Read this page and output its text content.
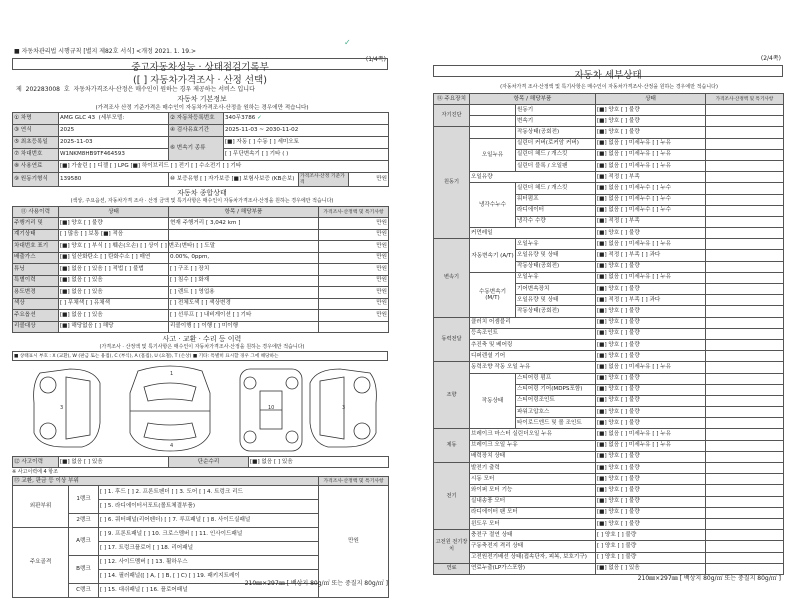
■ 자동차관리법 시행규칙 [별지 제82호 서식] <개정 2021. 1. 19.>
(1/4쪽)
✓
중고자동차성능 · 상태점검기록부
([ ] 자동차가격조사 · 산정 선택)
제 202283008 호 자동차가격조사·산정은 매수인이 원하는 경우 제공하는 서비스 입니다
자동차 기본정보
(가격조사 산정 기준가격은 매수인이 자동차가격조사·산정을 원하는 경우에만 적습니다)
① 차명	AMG GLC 43 (세부모델:	② 자동차등록번호	340무3786 ✓		
③ 연식	2025	④ 검사유효기간	2025-11-03 ~ 2030-11-02		
⑤ 최초등록일	2025-11-03	⑥ 변속기 종류	[■] 자동 [ ] 수동 [ ] 세미오토		
⑦ 차대번호	W1NKM8HB9TF464593		[ ] 무단변속기 [ ] 기타 ( )		
⑧ 사용연료	[■] 가솔린 [ ] 디젤 [ ] LPG [■] 하이브리드 [ ] 전기 [ ] 수소전기 [ ] 기타				
⑨ 원동기형식	139580	⑩ 보증유형 [ ] 자가보증 [■] 보험사보증 (KB손보)		가격조사·산정 기준가격	만원
자동차 종합상태
(색상, 주요옵션, 자동차가격 조사 · 산정 금액 및 특기사항은 매수인이 자동차가격조사·산정을 원하는 경우에만 적습니다)
⑪ 사용이력	상태	항목 / 해당부품	가격조사·산정액 및 특기사항
주행거리 및	[■] 양호 [ ] 불량	현재 주행거리 [ 3,042 km ]	만원
계기상태	[ ] 많음 [ ] 보통 [■] 적음		만원
차대번호 표기	[■] 양호 [ ] 부식 [ ] 훼손(오손) [ ] 상이 [ ] 변조(변타) [ ] 도말		만원
배출가스	[■] 일산화탄소 [ ] 탄화수소 [ ] 매연	0.00%, 0ppm,	만원
튜닝	[■] 없음 [ ] 있음 [ ] 적법 [ ] 불법	[ ] 구조 [ ] 장치	만원
특별이력	[■] 없음 [ ] 있음	[ ] 침수 [ ] 화재	만원
용도변경	[■] 없음 [ ] 있음	[ ] 렌트 [ ] 영업용	만원
색상	[ ] 무채색 [ ] 유채색	[ ] 전체도색 [ ] 색상변경	만원
주요옵션	[■] 없음 [ ] 있음	[ ] 선루프 [ ] 내비게이션 [ ] 기타	만원
리콜대상	[■] 해당없음 [ ] 해당	리콜이행 [ ] 이행 [ ] 미이행	
사고 · 교환 · 수리 등 이력
(가격조사 · 산정액 및 특기사항은 매수인이 자동차가격조사·산정을 원하는 경우에만 적습니다)
■ 상태표시 부호 : X (교환), W (판금 또는 용접), C (부식), A (흠집), U (요철), T (손상) ■ 기타: 특별히 표시할 경우 그에 해당하는
3
1
4
10	3
⑫ 사고이력	[■] 없음 [ ] 있음	단순수리	[■] 없음 [ ] 있음
※ 사고이력에 4 항조
⑬ 교환, 판금 등 이상 부위			가격조사·산정액 및 특기사항
외판부위	1랭크	[ ] 1. 후드 [ ] 2. 프론트펜더 [ ] 3. 도어 [ ] 4. 트렁크 리드	만원
		[ ] 5. 라디에이터서포트(볼트체결부품)	
	2랭크	[ ] 6. 쿼터패널(리어펜더) [ ] 7. 루프패널 [ ] 8. 사이드실패널	
주요골격	A랭크	[ ] 9. 프론트패널 [ ] 10. 크로스멤버 [ ] 11. 인사이드패널	
		[ ] 17. 트렁크플로어 [ ] 18. 리어패널	
	B랭크	[ ] 12. 사이드멤버 [ ] 13. 휠하우스	
		[ ] 14. 필러패널([ ] A, [ ] B, [ ] C) [ ] 19. 패키지트레이	
	C랭크	[ ] 15. 대쉬패널 [ ] 16. 플로어패널	
210㎜×297㎜ [ 백상지 80g/㎡ 또는 중질지 80g/㎡ ]
(2/4쪽)
자동차 세부상태
(자동차가격 조사·산정액 및 특기사항은 매수인이 자동차가격조사·산정을 원하는 경우에만 적습니다)
⑭ 주요장치	항목 / 해당부품		상태	가격조사·산정액 및 특기사항
자기진단		원동기	[■] 양호 [ ] 불량	
		변속기	[■] 양호 [ ] 불량	
원동기		작동상태(공회전)	[■] 양호 [ ] 불량	
	오일누유	실린더 커버(로커암 커버)	[■] 없음 [ ] 미세누유 [ ] 누유	
		실린더 헤드 / 개스킷	[■] 없음 [ ] 미세누유 [ ] 누유	
		실린더 블록 / 오일팬	[■] 없음 [ ] 미세누유 [ ] 누유	
	오일유량		[■] 적정 [ ] 부족	
	냉각수누수	실린더 헤드 / 개스킷	[■] 없음 [ ] 미세누수 [ ] 누수	
		워터펌프	[■] 없음 [ ] 미세누수 [ ] 누수	
		라디에이터	[■] 없음 [ ] 미세누수 [ ] 누수	
		냉각수 수량	[■] 적정 [ ] 부족	
	커먼레일		[■] 양호 [ ] 불량	
변속기	자동변속기 (A/T)	오일누유	[■] 없음 [ ] 미세누유 [ ] 누유	
		오일유량 및 상태	[■] 적정 [ ] 부족 [ ] 과다	
		작동상태(공회전)	[■] 양호 [ ] 불량	
	수동변속기 (M/T)	오일누유	[■] 없음 [ ] 미세누유 [ ] 누유	
		기어변속장치	[■] 양호 [ ] 불량	
		오일유량 및 상태	[■] 적정 [ ] 부족 [ ] 과다	
		작동상태(공회전)	[■] 양호 [ ] 불량	
동력전달	클러치 어셈블리		[■] 양호 [ ] 불량	
	등속조인트		[■] 양호 [ ] 불량	
	추진축 및 베어링		[■] 양호 [ ] 불량	
	디퍼렌셜 기어		[■] 양호 [ ] 불량	
조향	동력조향 작동 오일 누유		[■] 없음 [ ] 미세누유 [ ] 누유	
	작동상태	스티어링 펌프	[■] 양호 [ ] 불량	
		스티어링 기어(MDPS포함)	[■] 양호 [ ] 불량	
		스티어링조인트	[■] 양호 [ ] 불량	
		파워고압호스	[■] 양호 [ ] 불량	
		타이로드엔드 및 볼 조인트	[■] 양호 [ ] 불량	
제동	브레이크 마스터 실린더오일 누유		[■] 없음 [ ] 미세누유 [ ] 누유	
	브레이크 오일 누유		[■] 없음 [ ] 미세누유 [ ] 누유	
	배력장치 상태		[■] 양호 [ ] 불량	
전기	발전기 출력		[■] 양호 [ ] 불량	
	시동 모터		[■] 양호 [ ] 불량	
	와이퍼 모터 기능		[■] 양호 [ ] 불량	
	실내송풍 모터		[■] 양호 [ ] 불량	
	라디에이터 팬 모터		[■] 양호 [ ] 불량	
	윈도우 모터		[■] 양호 [ ] 불량	
고전원 전기장치	충전구 절연 상태		[ ] 양호 [ ] 불량	
	구동축전지 격리 상태		[ ] 양호 [ ] 불량	
	고전원전기배선 상태(접속단자, 피복, 보호기구)		[ ] 양호 [ ] 불량	
연료	연료누출(LP가스포함)		[■] 없음 [ ] 있음	
210㎜×297㎜ [ 백상지 80g/㎡ 또는 중질지 80g/㎡ ]
